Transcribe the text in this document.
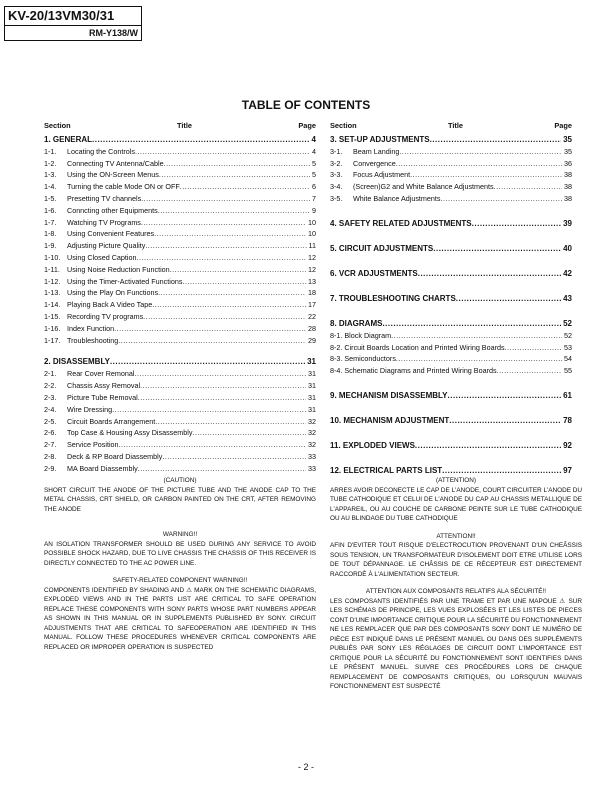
KV-20/13VM30/31
RM-Y138/W
TABLE OF CONTENTS
Section	Title	Page
1. GENERAL .....	4
1-1.	Locating the Controls .....	4
1-2.	Connecting TV Antenna/Cable .....	5
1-3.	Using the ON-Screen Menus .....	5
1-4.	Turning the cable Mode ON or OFF .....	6
1-5.	Presetting TV channels .....	7
1-6.	Conncting other Equipments .....	9
1-7.	Watching TV Programs .....	10
1-8.	Using Convenient Features .....	10
1-9.	Adjusting Picture Quality .....	11
1-10. Using Closed Caption .....	12
1-11. Using Noise Reduction Function .....	12
1-12. Using the Timer-Activated Functions .....	13
1-13. Using the Play On Functions .....	18
1-14. Playing Back A Video Tape .....	17
1-15. Recording TV programs .....	22
1-16. Index Function .....	28
1-17. Troubleshooting .....	29
2. DISASSEMBLY .....	31
2-1.	Rear Cover Remonal .....	31
2-2.	Chassis Assy Removal .....	31
2-3.	Picture Tube Removal .....	31
2-4.	Wire Dressing .....	31
2-5.	Circuit Boards Arrangement .....	32
2-6.	Top Case & Housing Assy Disassembly .....	32
2-7.	Service Position .....	32
2-8.	Deck & RP Board Diassembly .....	33
2-9.	MA Board Diassembly .....	33
Section	Title	Page
3. SET-UP ADJUSTMENTS .....	35
3-1.	Beam Landing .....	35
3-2.	Convergence .....	36
3-3.	Focus Adjustment .....	38
3-4.	(Screen)G2 and White Balance Adjustments .....	38
3-5.	White Balance Adjustments .....	38
4. SAFETY RELATED ADJUSTMENTS .....	39
5. CIRCUIT ADJUSTMENTS .....	40
6. VCR ADJUSTMENTS .....	42
7. TROUBLESHOOTING CHARTS .....	43
8. DIAGRAMS .....	52
8-1. Block Diagram .....	52
8-2. Circuit Boards Location and Printed Wiring Boards .....	53
8-3. Semiconductors .....	54
8-4. Schematic Diagrams and Printed Wiring Boards .....	55
9. MECHANISM DISASSEMBLY .....	61
10. MECHANISM ADJUSTMENT .....	78
11. EXPLODED VIEWS .....	92
12. ELECTRICAL PARTS LIST .....	97
(CAUTION)
SHORT CIRCUIT THE ANODE OF THE PICTURE TUBE AND THE ANODE CAP TO THE METAL CHASSIS, CRT SHIELD, OR CARBON PAINTED ON THE CRT, AFTER REMOVING THE ANODE
WARNING!!
AN ISOLATION TRANSFORMER SHOULD BE USED DURING ANY SERVICE TO AVOID POSSIBLE SHOCK HAZARD, DUE TO LIVE CHASSIS THE CHASSIS OF THIS RECEIVER IS DIRECTLY CONNECTED TO THE AC POWER LINE.
SAFETY-RELATED COMPONENT WARNING!!
COMPONENTS IDENTIFIED BY SHADING AND ⚠ MARK ON THE SCHEMATIC DIAGRAMS, EXPLODED VIEWS AND IN THE PARTS LIST ARE CRITICAL TO SAFE OPERATION REPLACE THESE COMPONENTS WITH SONY PARTS WHOSE PART NUMBERS APPEAR AS SHOWN IN THIS MANUAL OR IN SUPPLEMENTS PUBLISHED BY SONY. CIRCUIT ADJUSTMENTS THAT ARE CRITICAL TO SAFEOPERATION ARE IDENTIFIED IN THIS MANUAL. FOLLOW THESE PROCEDURES WHENEVER CRITICAL COMPONENTS ARE REPLACED OR IMPROPER OPERATION IS SUSPECTED
(ATTENTION)
ARRES AVOIR DECONECTE LE CAP DE L'ANODE, COURT CIRCUITER L'ANODE DU TUBE CATHODIQUE ET CELUI DE L'ANODE DU CAP AU CHASSIS METALLIQUE DE L'APPAREIL, OU AU COUCHE DE CARBONE PEINTE SUR LE TUBE CATHODIQUE OU AU BLINDAGE DU TUBE CATHODIQUE
ATTENTION!!
AFIN D'EVITER TOUT RISQUE D'ELECTROCUTION PROVENANT D'UN CHEÂSSIS SOUS TENSION, UN TRANSFORMATEUR D'ISOLEMENT DOIT ETRE UTILISE LORS DE TOUT DÉPANNAGE. LE CHÂSSIS DE CE RÉCEPTEUR EST DIRECTEMENT RACCORDÉ À L'ALIMENTATION SECTEUR.
ATTENTION AUX COMPOSANTS RELATIFS ALA SÉCURITÉ!!
LES COMPOSANTS IDENTIFIÉS PAR UNE TRAME ET PAR UNE MAPOUE ⚠ SUR LES SCHÉMAS DE PRINCIPE, LES VUES EXPLOSÉES ET LES LISTES DE PIECES CONT D'UNE IMPORTANCE CRITIQUE POUR LA SÉCURITÉ DU FONCTIONNEMENT NE LES REMPLACER QUE PAR DES COMPOSANTS SONY DONT LE NUMÉRO DE PIÈCE EST INDIQUÉ DANS LE PRÉSENT MANUEL OU DANS DES SUPPLÉMENTS PUBLIÉS PAR SONY LES RÉGLAGES DE CIRCUIT DONT L'IMPORTANCE EST CRITIQUE POUR LA SÉCURITÉ DU FONCTIONNEMENT SONT IDENTIFIES DANS LE PRÉSENT MANUEL. SUIVRE CES PROCÉDURES LORS DE CHAQUE REMPLACEMENT DE COMPOSANTS CRITIQUES, OU LORSQU'UN MAUVAIS FONCTIONNEMENT EST SUSPECTÉ
- 2 -
